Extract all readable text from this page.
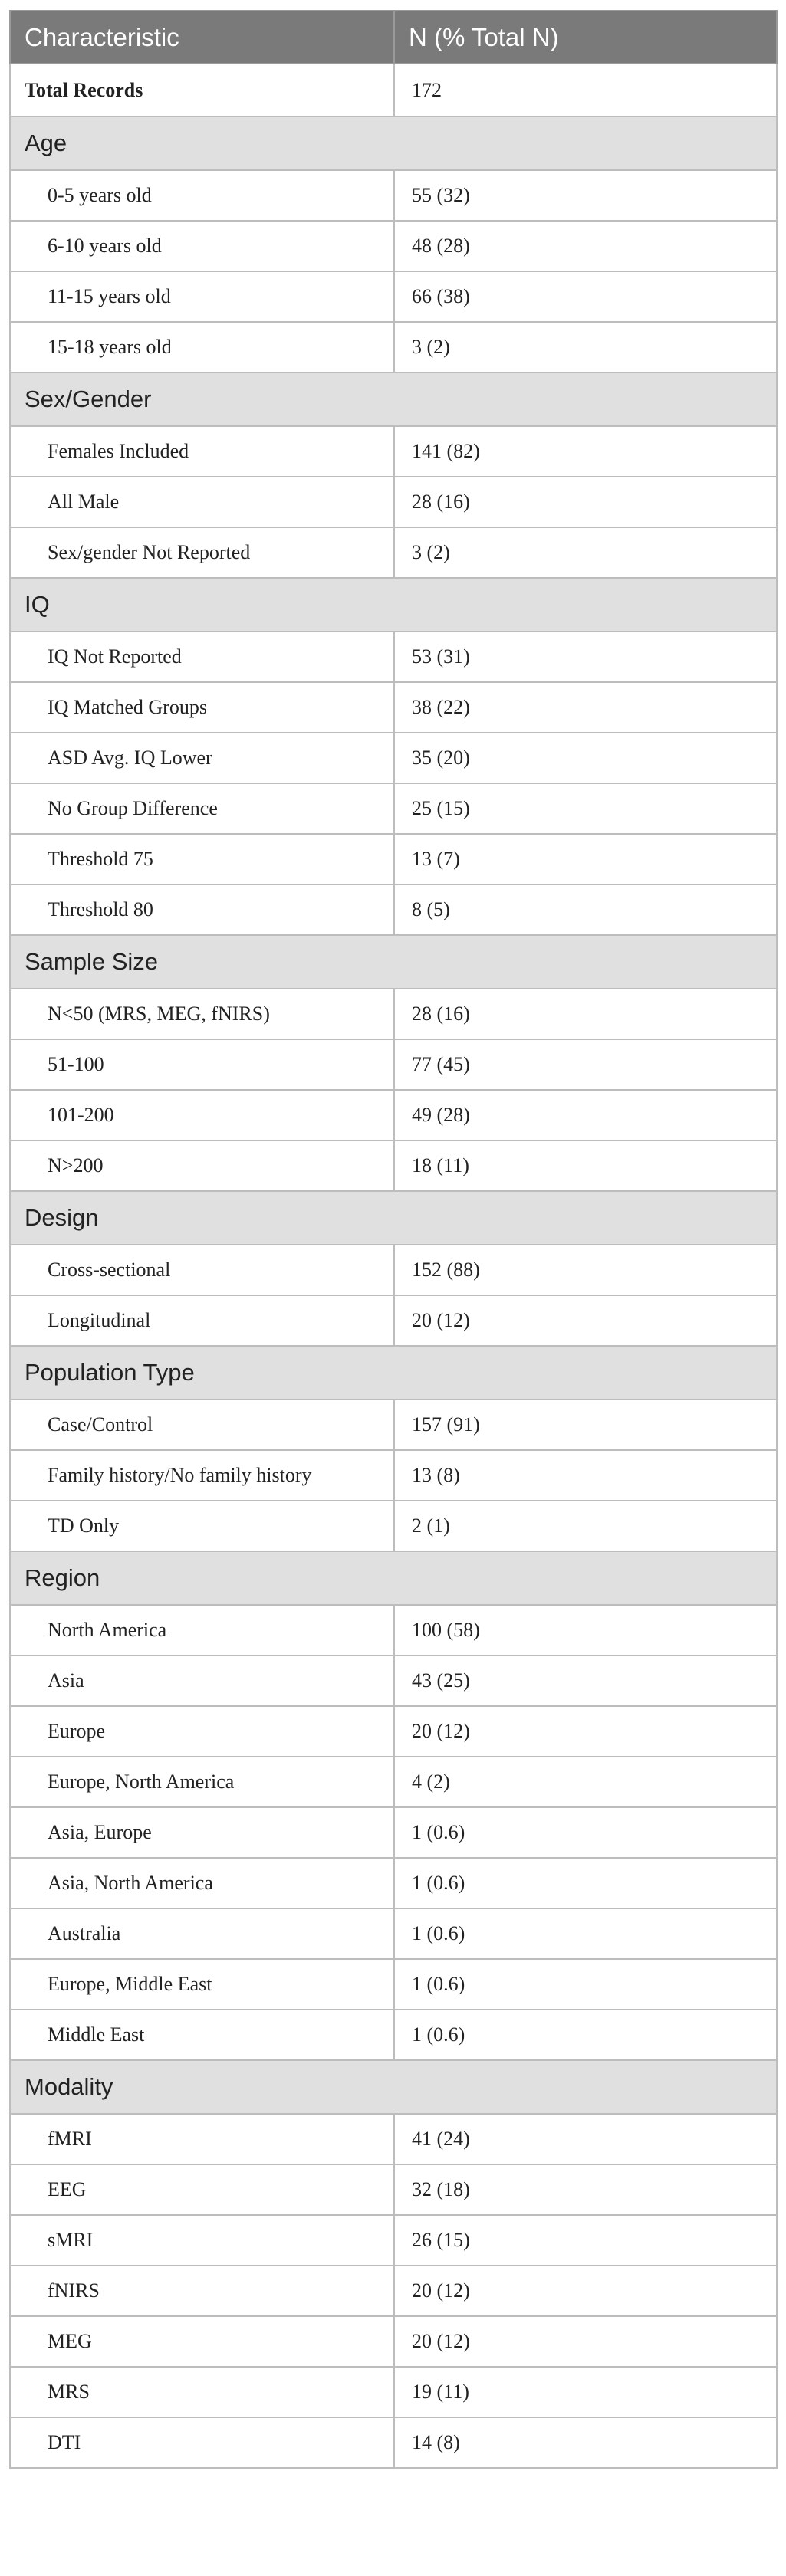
Characteristic	N (% Total N)
Total Records	172
Age	
0-5 years old	55 (32)
6-10 years old	48 (28)
11-15 years old	66 (38)
15-18 years old	3 (2)
Sex/Gender	
Females Included	141 (82)
All Male	28 (16)
Sex/gender Not Reported	3 (2)
IQ	
IQ Not Reported	53 (31)
IQ Matched Groups	38 (22)
ASD Avg. IQ Lower	35 (20)
No Group Difference	25 (15)
Threshold 75	13 (7)
Threshold 80	8 (5)
Sample Size	
N<50 (MRS, MEG, fNIRS)	28 (16)
51-100	77 (45)
101-200	49 (28)
N>200	18 (11)
Design	
Cross-sectional	152 (88)
Longitudinal	20 (12)
Population Type	
Case/Control	157 (91)
Family history/No family history	13 (8)
TD Only	2 (1)
Region	
North America	100 (58)
Asia	43 (25)
Europe	20 (12)
Europe, North America	4 (2)
Asia, Europe	1 (0.6)
Asia, North America	1 (0.6)
Australia	1 (0.6)
Europe, Middle East	1 (0.6)
Middle East	1 (0.6)
Modality	
fMRI	41 (24)
EEG	32 (18)
sMRI	26 (15)
fNIRS	20 (12)
MEG	20 (12)
MRS	19 (11)
DTI	14 (8)
